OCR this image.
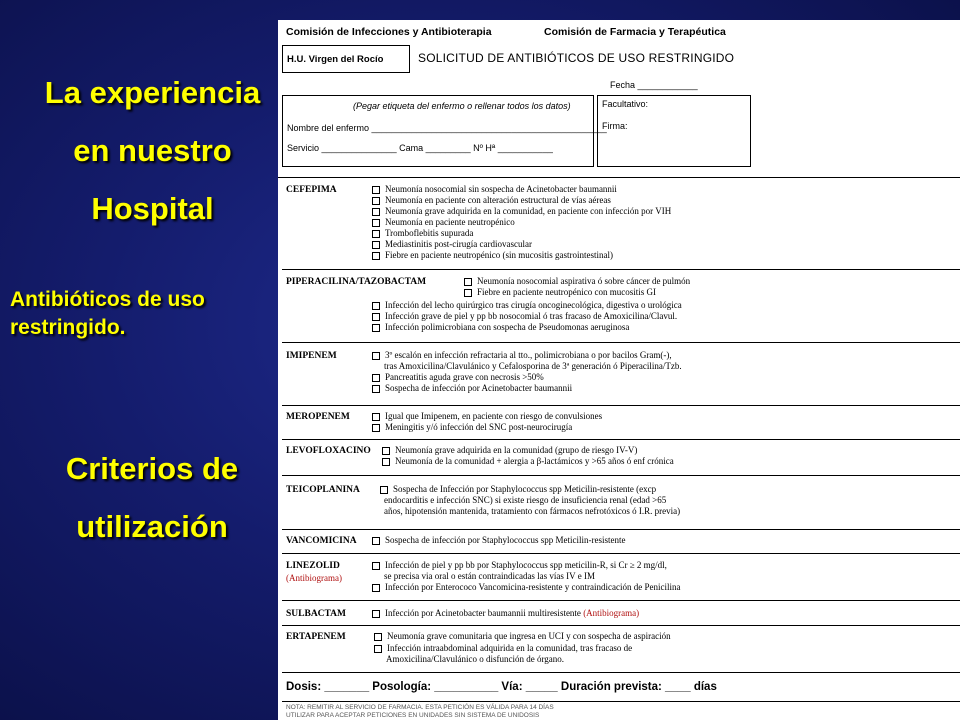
La experiencia
en nuestro
Hospital
Antibióticos de uso
restringido.
Criterios de
utilización
Comisión de Infecciones y Antibioterapia	Comisión de Farmacia y Terapéutica
H.U. Virgen del Rocío	SOLICITUD DE ANTIBIÓTICOS DE USO RESTRINGIDO
Fecha ____________
(Pegar etiqueta del enfermo o rellenar todos los datos)
Nombre del enfermo _______________________________________________
Servicio _______________ Cama _________ Nº Hª ___________
Facultativo:
Firma:
CEFEPIMA	Neumonía nosocomial sin sospecha de Acinetobacter baumannii
Neumonía en paciente con alteración estructural de vías aéreas
Neumonía grave adquirida en la comunidad, en paciente con infección por VIH
Neumonía en paciente neutropénico
Tromboflebitis supurada
Mediastinitis post-cirugía cardiovascular
Fiebre en paciente neutropénico (sin mucositis gastrointestinal)
PIPERACILINA/TAZOBACTAM	Neumonía nosocomial aspirativa ó sobre cáncer de pulmón
Fiebre en paciente neutropénico con mucositis GI
Infección del lecho quirúrgico tras cirugía oncoginecológica, digestiva o urológica
Infección grave de piel y pp bb nosocomial ó tras fracaso de Amoxicilina/Clavul.
Infección polimicrobiana con sospecha de Pseudomonas aeruginosa
IMIPENEM	3º escalón en infección refractaria al tto., polimicrobiana o por bacilos Gram(-),
tras Amoxicilina/Clavulánico y Cefalosporina de 3ª generación ó Piperacilina/Tzb.
Pancreatitis aguda grave con necrosis >50%
Sospecha de infección por Acinetobacter baumannii
MEROPENEM	Igual que Imipenem, en paciente con riesgo de convulsiones
Meningitis y/ó infección del SNC post-neurocirugía
LEVOFLOXACINO	Neumonía grave adquirida en la comunidad (grupo de riesgo IV-V)
Neumonía de la comunidad + alergia a β-lactámicos y >65 años ó enf crónica
TEICOPLANINA	Sospecha de Infección por Staphylococcus spp Meticilin-resistente (excp
endocarditis e infección SNC) si existe riesgo de insuficiencia renal (edad >65
años, hipotensión mantenida, tratamiento con fármacos nefrotóxicos ó I.R. previa)
VANCOMICINA	Sospecha de infección por Staphylococcus spp Meticilin-resistente
LINEZOLID
(Antibiograma)
Infección de piel y pp bb por Staphylococcus spp meticilin-R, si Cr ≥ 2 mg/dl,
se precisa via oral o están contraindicadas las vías IV e IM
Infección por Enterococo Vancomicina-resistente y contraindicación de Penicilina
SULBACTAM	Infección por Acinetobacter baumannii multiresistente (Antibiograma)
ERTAPENEM	Neumonía grave comunitaria que ingresa en UCI y con sospecha de aspiración
Infección intraabdominal adquirida en la comunidad, tras fracaso de
Amoxicilina/Clavulánico o disfunción de órgano.
Dosis: _______ Posología: __________ Vía: _____ Duración prevista: ____ días
NOTA: REMITIR AL SERVICIO DE FARMACIA. ESTA PETICIÓN ES VÁLIDA PARA 14 DÍAS
UTILIZAR PARA ACEPTAR PETICIONES EN UNIDADES SIN SISTEMA DE UNIDOSIS
